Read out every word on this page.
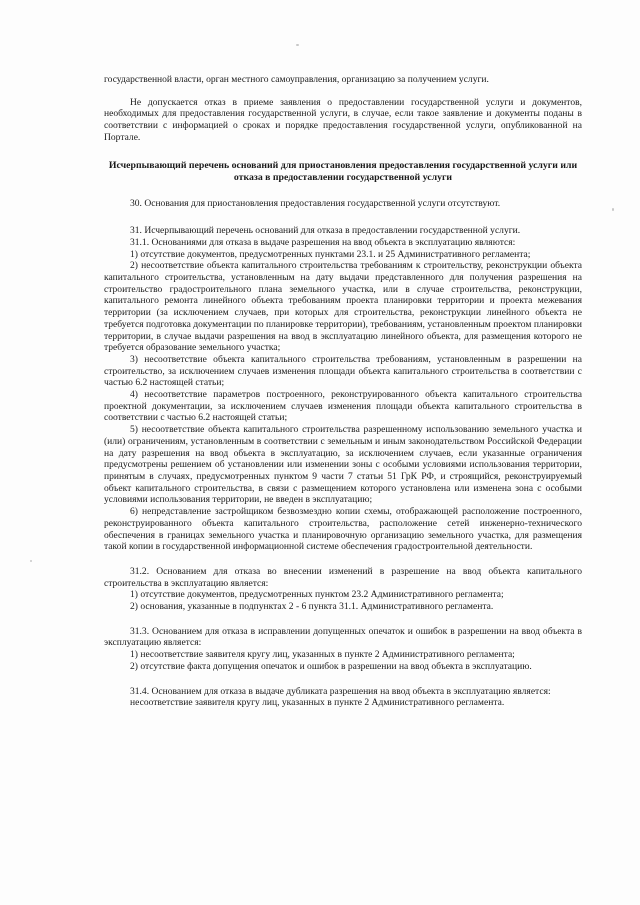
государственной власти, орган местного самоуправления, организацию за получением услуги.

Не допускается отказ в приеме заявления о предоставлении государственной услуги и документов, необходимых для предоставления государственной услуги, в случае, если такое заявление и документы поданы в соответствии с информацией о сроках и порядке предоставления государственной услуги, опубликованной на Портале.

Исчерпывающий перечень оснований для приостановления предоставления государственной услуги или отказа в предоставлении государственной услуги

30. Основания для приостановления предоставления государственной услуги отсутствуют.

31. Исчерпывающий перечень оснований для отказа в предоставлении государственной услуги.

31.1. Основаниями для отказа в выдаче разрешения на ввод объекта в эксплуатацию являются:

1) отсутствие документов, предусмотренных пунктами 23.1. и 25 Административного регламента;

2) несоответствие объекта капитального строительства требованиям к строительству, реконструкции объекта капитального строительства, установленным на дату выдачи представленного для получения разрешения на строительство градостроительного плана земельного участка, или в случае строительства, реконструкции, капитального ремонта линейного объекта требованиям проекта планировки территории и проекта межевания территории (за исключением случаев, при которых для строительства, реконструкции линейного объекта не требуется подготовка документации по планировке территории), требованиям, установленным проектом планировки территории, в случае выдачи разрешения на ввод в эксплуатацию линейного объекта, для размещения которого не требуется образование земельного участка;

3) несоответствие объекта капитального строительства требованиям, установленным в разрешении на строительство, за исключением случаев изменения площади объекта капитального строительства в соответствии с частью 6.2 настоящей статьи;

4) несоответствие параметров построенного, реконструированного объекта капитального строительства проектной документации, за исключением случаев изменения площади объекта капитального строительства в соответствии с частью 6.2 настоящей статьи;

5) несоответствие объекта капитального строительства разрешенному использованию земельного участка и (или) ограничениям, установленным в соответствии с земельным и иным законодательством Российской Федерации на дату разрешения на ввод объекта в эксплуатацию, за исключением случаев, если указанные ограничения предусмотрены решением об установлении или изменении зоны с особыми условиями использования территории, принятым в случаях, предусмотренных пунктом 9 части 7 статьи 51 ГрК РФ, и строящийся, реконструируемый объект капитального строительства, в связи с размещением которого установлена или изменена зона с особыми условиями использования территории, не введен в эксплуатацию;

6) непредставление застройщиком безвозмездно копии схемы, отображающей расположение построенного, реконструированного объекта капитального строительства, расположение сетей инженерно-технического обеспечения в границах земельного участка и планировочную организацию земельного участка, для размещения такой копии в государственной информационной системе обеспечения градостроительной деятельности.

31.2. Основанием для отказа во внесении изменений в разрешение на ввод объекта капитального строительства в эксплуатацию является:

1) отсутствие документов, предусмотренных пунктом 23.2 Административного регламента;

2) основания, указанные в подпунктах 2 - 6 пункта 31.1. Административного регламента.

31.3. Основанием для отказа в исправлении допущенных опечаток и ошибок в разрешении на ввод объекта в эксплуатацию является:

1) несоответствие заявителя кругу лиц, указанных в пункте 2 Административного регламента;

2) отсутствие факта допущения опечаток и ошибок в разрешении на ввод объекта в эксплуатацию.

31.4. Основанием для отказа в выдаче дубликата разрешения на ввод объекта в эксплуатацию является:

несоответствие заявителя кругу лиц, указанных в пункте 2 Административного регламента.
